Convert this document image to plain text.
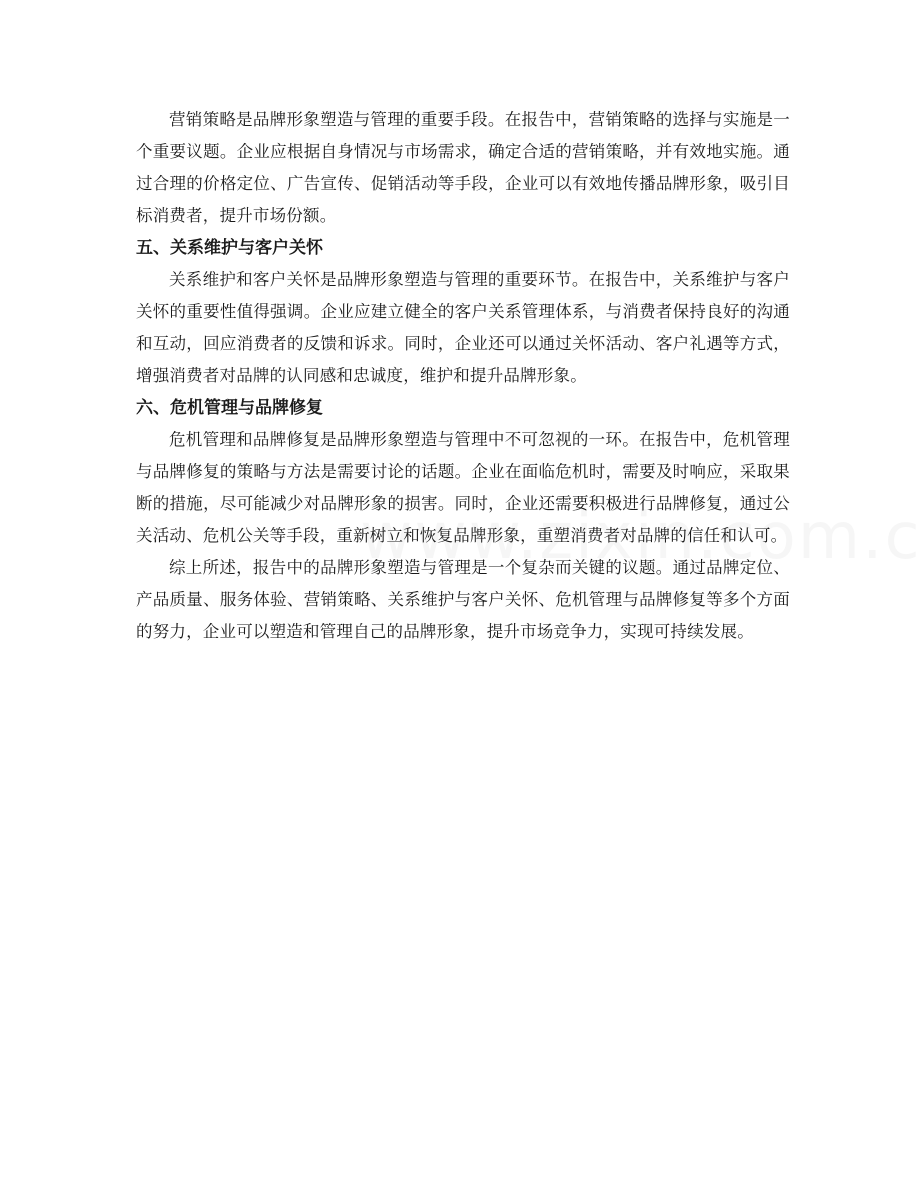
营销策略是品牌形象塑造与管理的重要手段。在报告中，营销策略的选择与实施是一个重要议题。企业应根据自身情况与市场需求，确定合适的营销策略，并有效地实施。通过合理的价格定位、广告宣传、促销活动等手段，企业可以有效地传播品牌形象，吸引目标消费者，提升市场份额。

五、关系维护与客户关怀

关系维护和客户关怀是品牌形象塑造与管理的重要环节。在报告中，关系维护与客户关怀的重要性值得强调。企业应建立健全的客户关系管理体系，与消费者保持良好的沟通和互动，回应消费者的反馈和诉求。同时，企业还可以通过关怀活动、客户礼遇等方式，增强消费者对品牌的认同感和忠诚度，维护和提升品牌形象。

六、危机管理与品牌修复

危机管理和品牌修复是品牌形象塑造与管理中不可忽视的一环。在报告中，危机管理与品牌修复的策略与方法是需要讨论的话题。企业在面临危机时，需要及时响应，采取果断的措施，尽可能减少对品牌形象的损害。同时，企业还需要积极进行品牌修复，通过公关活动、危机公关等手段，重新树立和恢复品牌形象，重塑消费者对品牌的信任和认可。

综上所述，报告中的品牌形象塑造与管理是一个复杂而关键的议题。通过品牌定位、产品质量、服务体验、营销策略、关系维护与客户关怀、危机管理与品牌修复等多个方面的努力，企业可以塑造和管理自己的品牌形象，提升市场竞争力，实现可持续发展。
